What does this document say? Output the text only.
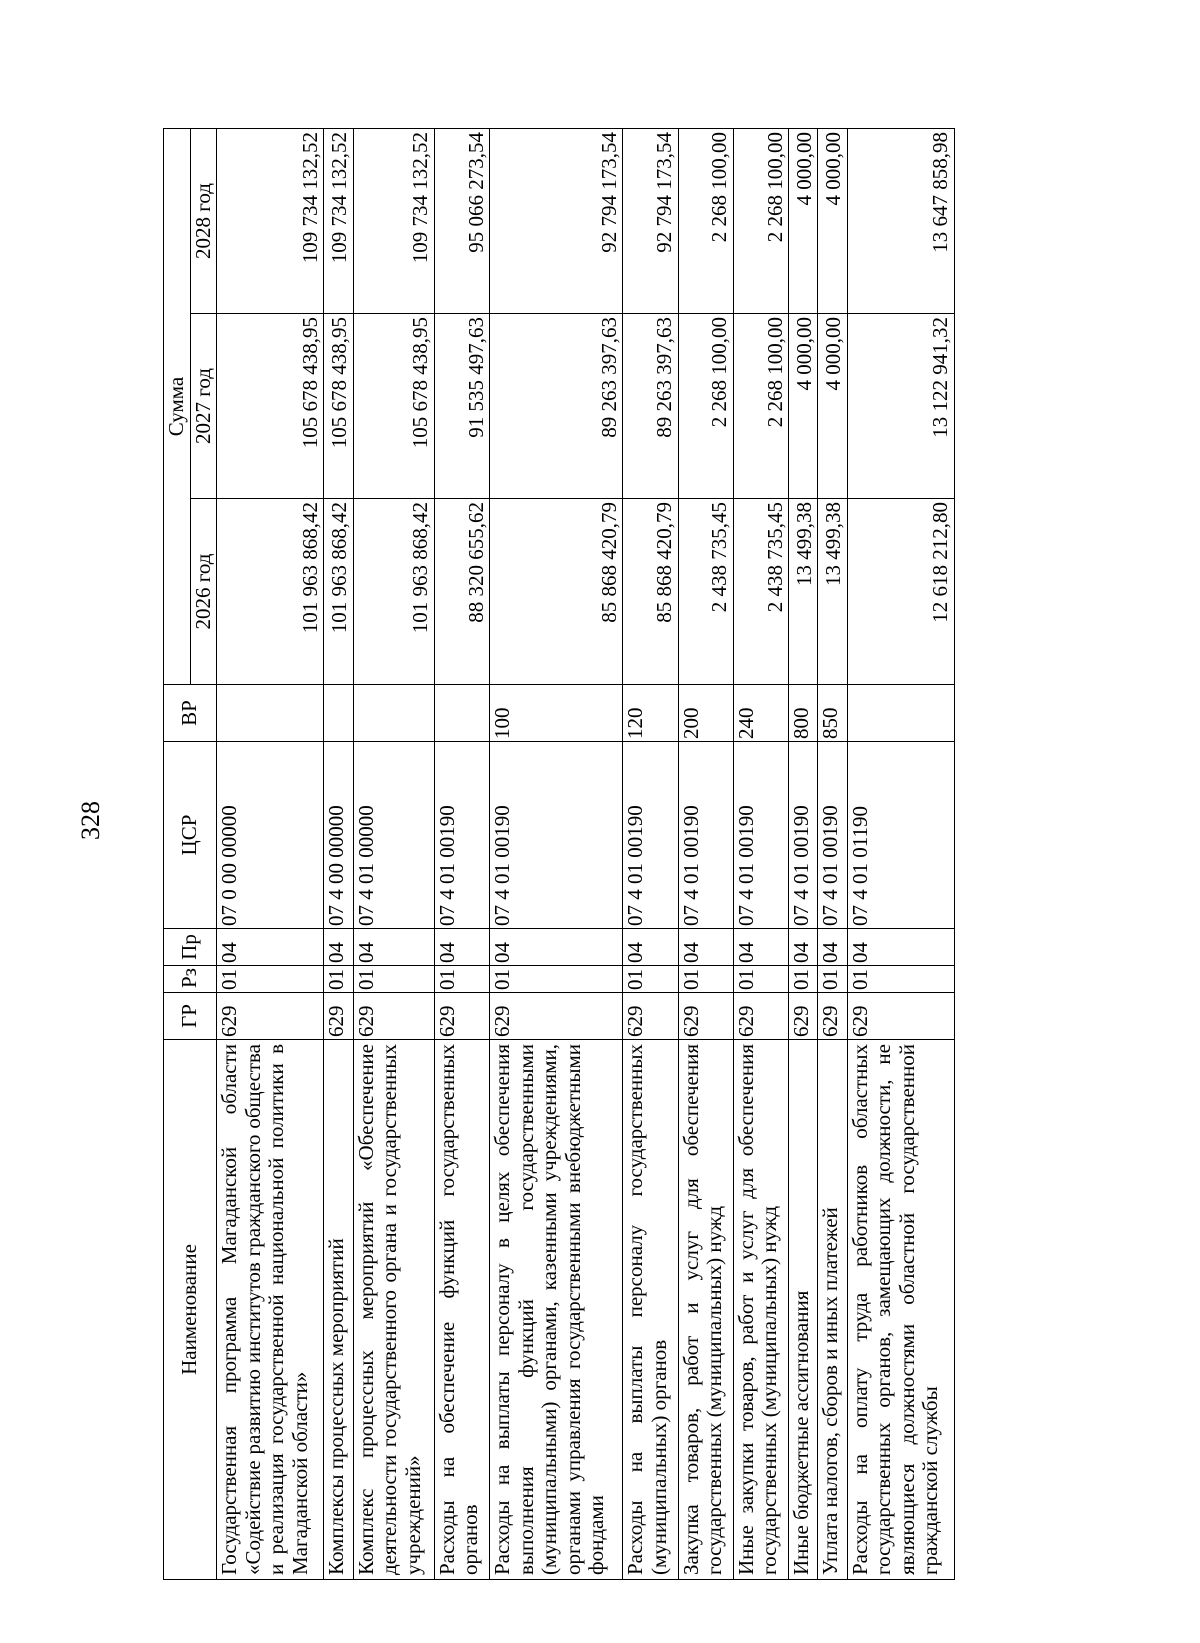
328
Наименование	ГР	Рз	Пр	ЦСР	ВР	Сумма		
						2026 год	2027 год	2028 год
Государственная программа Магаданской области «Содействие развитию институтов гражданского общества и реализация государственной национальной политики в Магаданской области»	629	01	04	07 0 00 00000		101 963 868,42	105 678 438,95	109 734 132,52
Комплексы процессных мероприятий	629	01	04	07 4 00 00000		101 963 868,42	105 678 438,95	109 734 132,52
Комплекс процессных мероприятий «Обеспечение деятельности государственного органа и государственных учреждений»	629	01	04	07 4 01 00000		101 963 868,42	105 678 438,95	109 734 132,52
Расходы на обеспечение функций государственных органов	629	01	04	07 4 01 00190		88 320 655,62	91 535 497,63	95 066 273,54
Расходы на выплаты персоналу в целях обеспечения выполнения функций государственными (муниципальными) органами, казенными учреждениями, органами управления государственными внебюджетными фондами	629	01	04	07 4 01 00190	100	85 868 420,79	89 263 397,63	92 794 173,54
Расходы на выплаты персоналу государственных (муниципальных) органов	629	01	04	07 4 01 00190	120	85 868 420,79	89 263 397,63	92 794 173,54
Закупка товаров, работ и услуг для обеспечения государственных (муниципальных) нужд	629	01	04	07 4 01 00190	200	2 438 735,45	2 268 100,00	2 268 100,00
Иные закупки товаров, работ и услуг для обеспечения государственных (муниципальных) нужд	629	01	04	07 4 01 00190	240	2 438 735,45	2 268 100,00	2 268 100,00
Иные бюджетные ассигнования	629	01	04	07 4 01 00190	800	13 499,38	4 000,00	4 000,00
Уплата налогов, сборов и иных платежей	629	01	04	07 4 01 00190	850	13 499,38	4 000,00	4 000,00
Расходы на оплату труда работников областных государственных органов, замещающих должности, не являющиеся должностями областной государственной гражданской службы	629	01	04	07 4 01 01190		12 618 212,80	13 122 941,32	13 647 858,98
